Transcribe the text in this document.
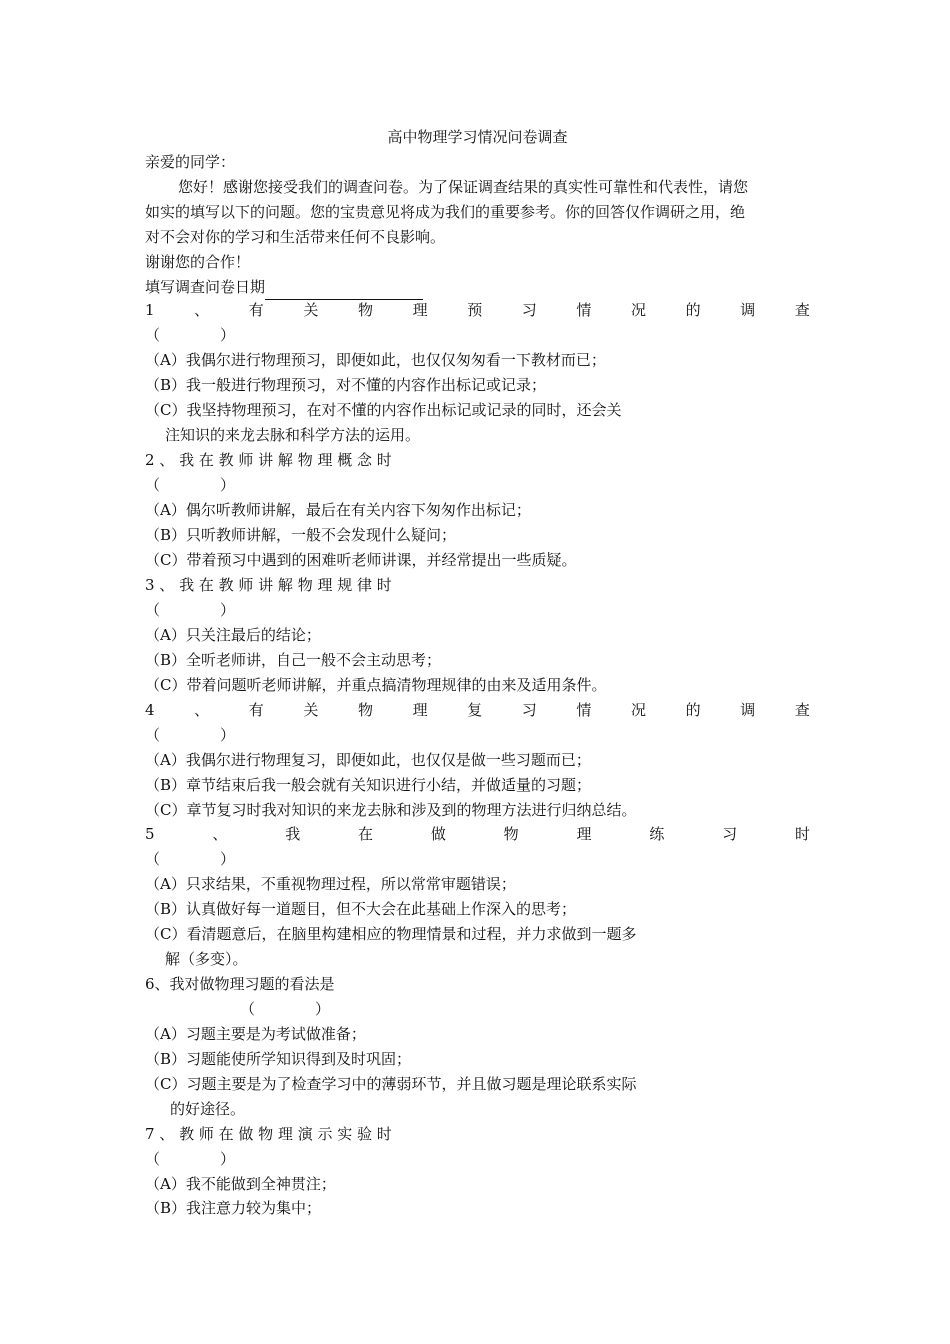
高中物理学习情况问卷调查
亲爱的同学：
您好！感谢您接受我们的调查问卷。为了保证调查结果的真实性可靠性和代表性，请您
如实的填写以下的问题。您的宝贵意见将成为我们的重要参考。你的回答仅作调研之用，绝
对不会对你的学习和生活带来任何不良影响。
谢谢您的合作！
填写调查问卷日期
1	、	有	关	物	理	预	习	情	况	的	调	查
（　　　　）
（A）我偶尔进行物理预习，即便如此，也仅仅匆匆看一下教材而已；
（B）我一般进行物理预习，对不懂的内容作出标记或记录；
（C）我坚持物理预习，在对不懂的内容作出标记或记录的同时，还会关
注知识的来龙去脉和科学方法的运用。
2 、 我 在 教 师 讲 解 物 理 概 念 时
（　　　　）
（A）偶尔听教师讲解，最后在有关内容下匆匆作出标记；
（B）只听教师讲解，一般不会发现什么疑问；
（C）带着预习中遇到的困难听老师讲课，并经常提出一些质疑。
3 、 我 在 教 师 讲 解 物 理 规 律 时
（　　　　）
（A）只关注最后的结论；
（B）全听老师讲，自己一般不会主动思考；
（C）带着问题听老师讲解，并重点搞清物理规律的由来及适用条件。
4	、	有	关	物	理	复	习	情	况	的	调	查
（　　　　）
（A）我偶尔进行物理复习，即便如此，也仅仅是做一些习题而已；
（B）章节结束后我一般会就有关知识进行小结，并做适量的习题；
（C）章节复习时我对知识的来龙去脉和涉及到的物理方法进行归纳总结。
5	、	我	在	做	物	理	练	习	时
（　　　　）
（A）只求结果，不重视物理过程，所以常常审题错误；
（B）认真做好每一道题目，但不大会在此基础上作深入的思考；
（C）看清题意后，在脑里构建相应的物理情景和过程，并力求做到一题多
解（多变）。
6、我对做物理习题的看法是
（　　　　）
（A）习题主要是为考试做准备；
（B）习题能使所学知识得到及时巩固；
（C）习题主要是为了检查学习中的薄弱环节，并且做习题是理论联系实际
的好途径。
7 、 教 师 在 做 物 理 演 示 实 验 时
（　　　　）
（A）我不能做到全神贯注；
（B）我注意力较为集中；
